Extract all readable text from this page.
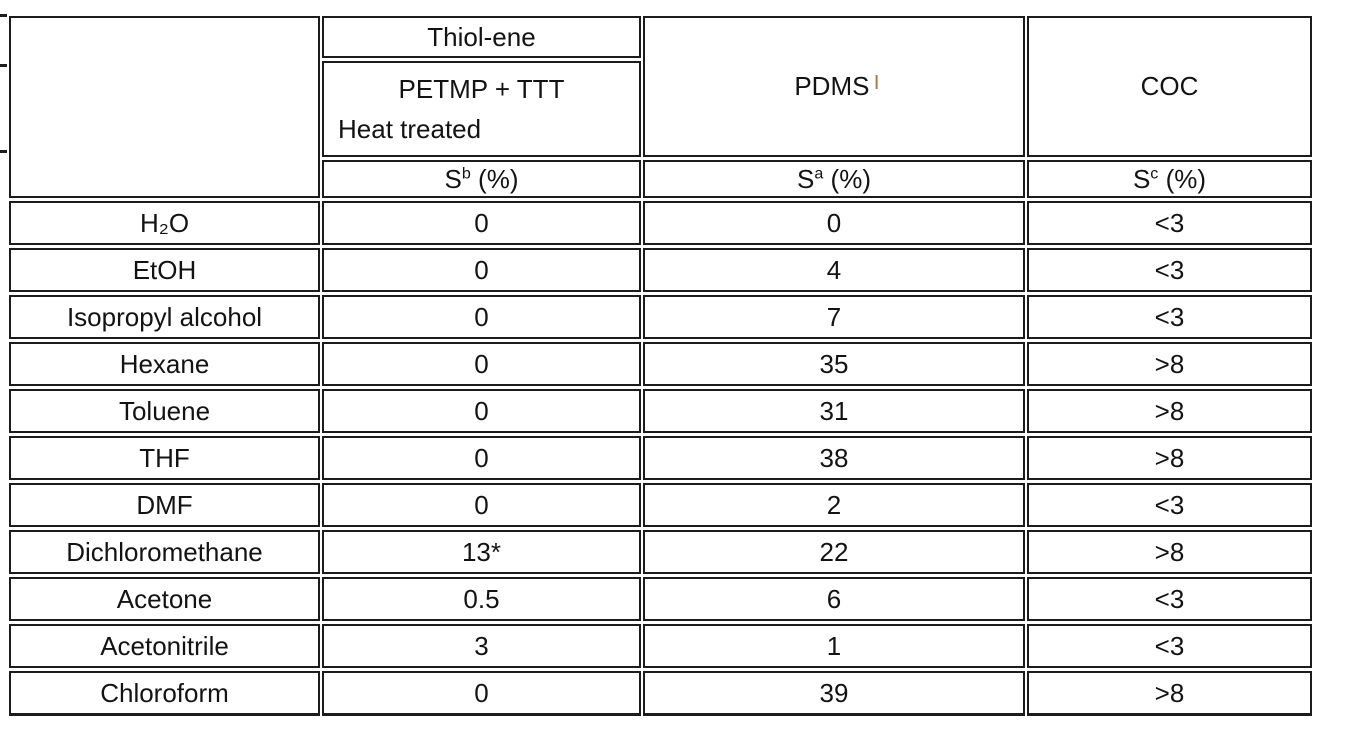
	Thiol-ene	PDMS |	COC

	PETMP + TTT
Heat treated		

	$S^b$ (%)	$S^a$ (%)	$S^c$ (%)
H₂O	0	0	<3
EtOH	0	4	<3
Isopropyl alcohol	0	7	<3
Hexane	0	35	>8
Toluene	0	31	>8
THF	0	38	>8
DMF	0	2	<3
Dichloromethane	13*	22	>8
Acetone	0.5	6	<3
Acetonitrile	3	1	<3
Chloroform	0	39	>8
